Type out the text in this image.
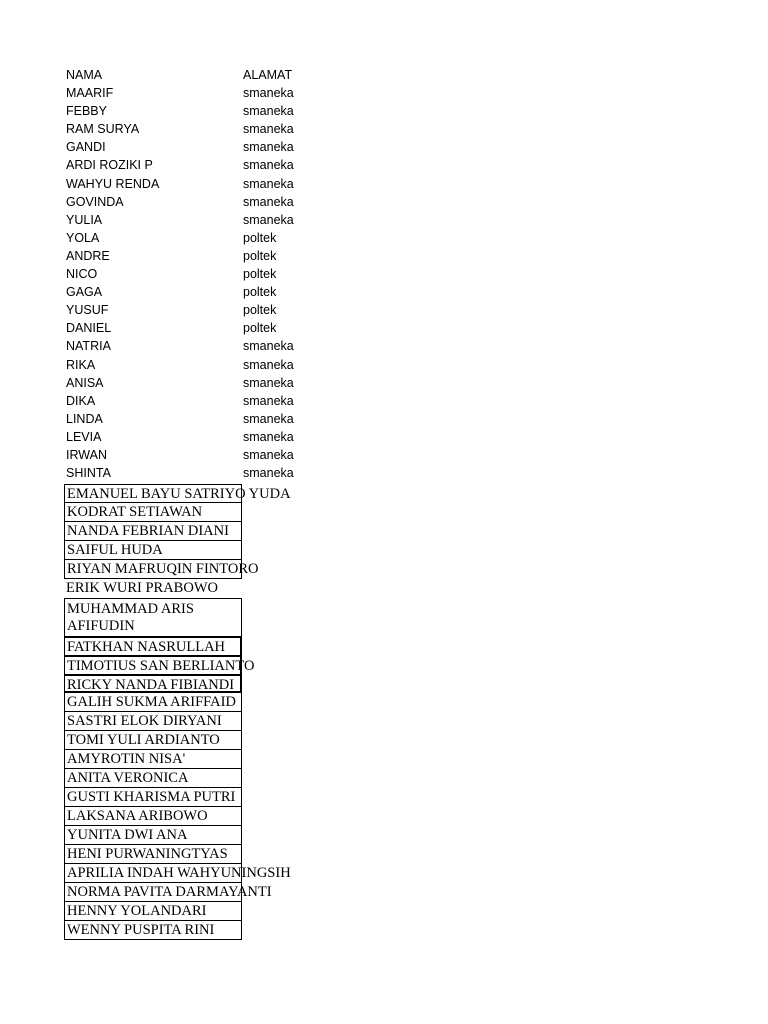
NAMA	ALAMAT
MAARIF	smaneka
FEBBY	smaneka
RAM SURYA	smaneka
GANDI	smaneka
ARDI ROZIKI P	smaneka
WAHYU RENDA	smaneka
GOVINDA	smaneka
YULIA	smaneka
YOLA	poltek
ANDRE	poltek
NICO	poltek
GAGA	poltek
YUSUF	poltek
DANIEL	poltek
NATRIA	smaneka
RIKA	smaneka
ANISA	smaneka
DIKA	smaneka
LINDA	smaneka
LEVIA	smaneka
IRWAN	smaneka
SHINTA	smaneka
EMANUEL BAYU SATRIYO YUDA
KODRAT SETIAWAN
NANDA FEBRIAN DIANI
SAIFUL HUDA
RIYAN MAFRUQIN FINTORO
ERIK WURI PRABOWO
MUHAMMAD ARIS AFIFUDIN
FATKHAN NASRULLAH
TIMOTIUS SAN BERLIANTO
RICKY NANDA FIBIANDI
GALIH SUKMA ARIFFAID
SASTRI ELOK DIRYANI
TOMI YULI ARDIANTO
AMYROTIN NISA'
ANITA VERONICA
GUSTI KHARISMA PUTRI
LAKSANA ARIBOWO
YUNITA DWI ANA
HENI PURWANINGTYAS
APRILIA INDAH WAHYUNINGSIH
NORMA PAVITA DARMAYANTI
HENNY YOLANDARI
WENNY PUSPITA RINI
